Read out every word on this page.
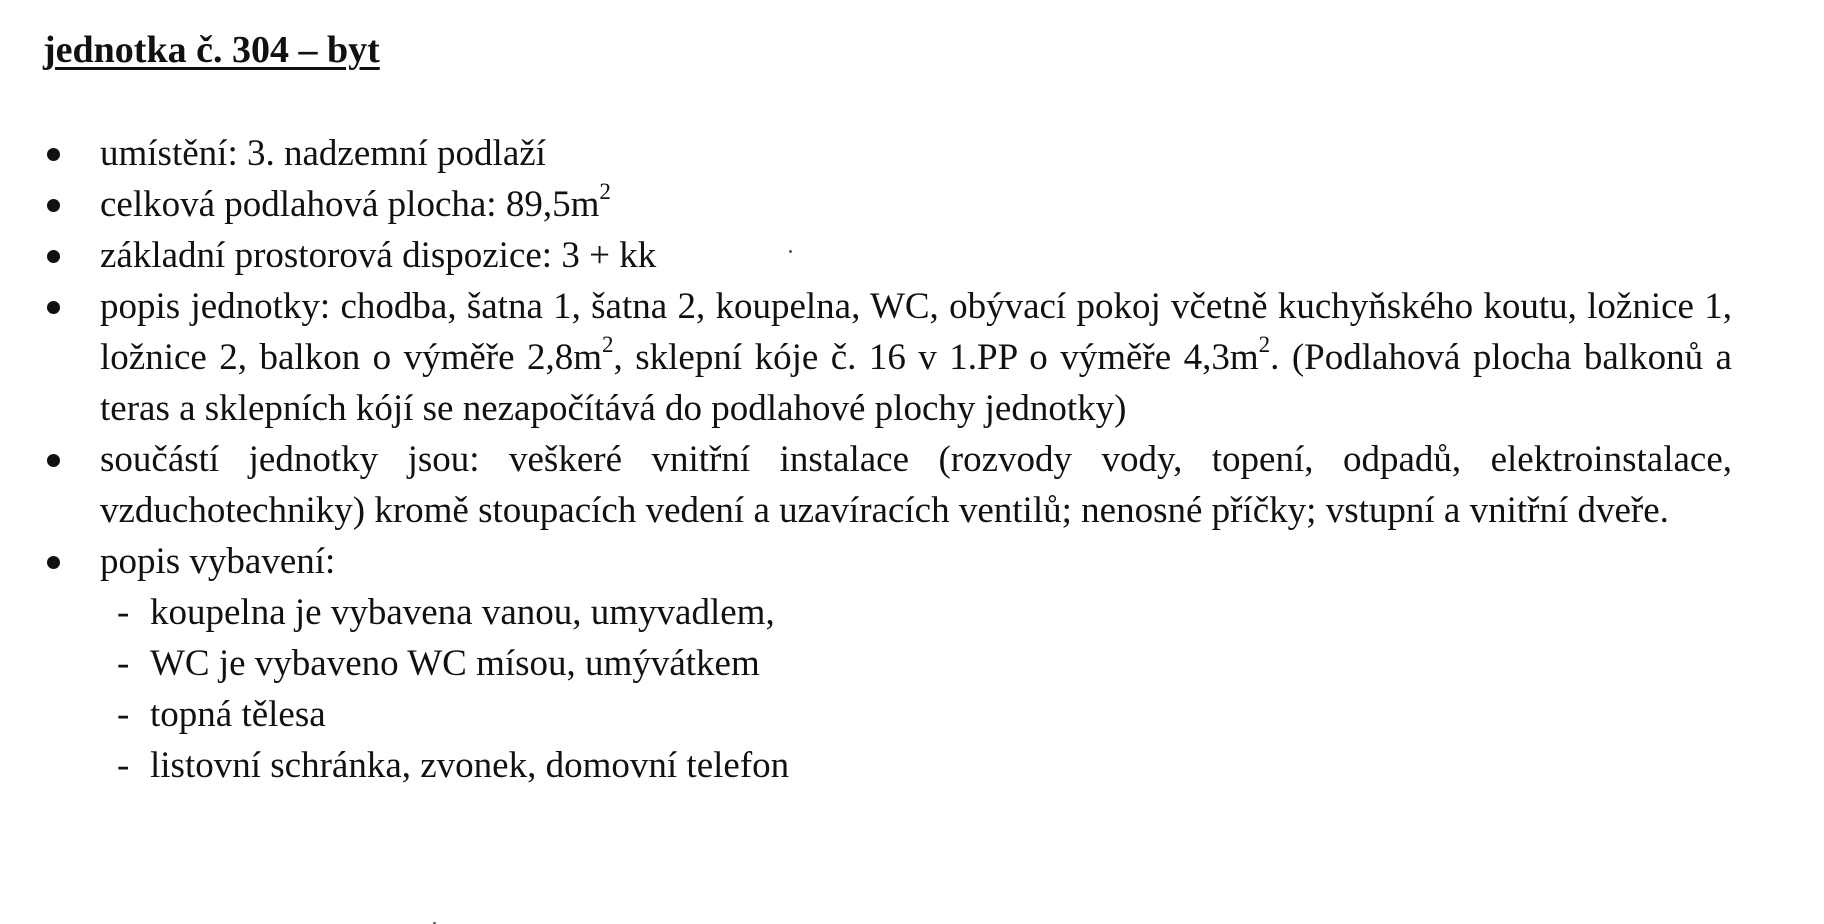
jednotka č. 304 – byt
umístění: 3. nadzemní podlaží
celková podlahová plocha: $89,5m^2$
základní prostorová dispozice: 3 + kk
popis jednotky: chodba, šatna 1, šatna 2, koupelna, WC, obývací pokoj včetně kuchyňského koutu, ložnice 1, ložnice 2, balkon o výměře $2,8m^2$, sklepní kóje č. 16 v 1.PP o výměře $4,3m^2$. (Podlahová plocha balkonů a teras a sklepních kójí se nezapočítává do podlahové plochy jednotky)
součástí jednotky jsou: veškeré vnitřní instalace (rozvody vody, topení, odpadů, elektroinstalace, vzduchotechniky) kromě stoupacích vedení a uzavíracích ventilů; nenosné příčky; vstupní a vnitřní dveře.
popis vybavení:
- koupelna je vybavena vanou, umyvadlem,
- WC je vybaveno WC mísou, umývátkem
- topná tělesa
- listovní schránka, zvonek, domovní telefon
